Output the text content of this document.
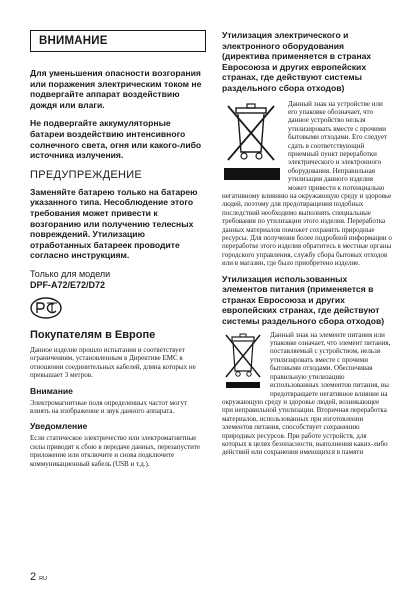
ВНИМАНИЕ

Для уменьшения опасности возгорания или поражения электрическим током не подвергайте аппарат воздействию дождя или влаги.

Не подвергайте аккумуляторные батареи воздействию интенсивного солнечного света, огня или какого-либо источника излучения.

ПРЕДУПРЕЖДЕНИЕ

Заменяйте батарею только на батарею указанного типа. Несоблюдение этого требования может привести к возгоранию или получению телесных повреждений. Утилизацию отработанных батареек проводите согласно инструкциям.

Только для модели
DPF-A72/E72/D72
Покупателям в Европе

Данное изделие прошло испытания и соответствует ограничениям, установленным в Директиве EMC в отношении соединительных кабелей, длина которых не превышает 3 метров.

Внимание

Электромагнитные поля определенных частот могут влиять на изображение и звук данного аппарата.

Уведомление

Если статическое электричество или электромагнитные силы приводят к сбою в передаче данных, перезапустите приложение или отключите и снова подключите коммуникационный кабель (USB и т.д.).

Утилизация электрического и электронного оборудования (директива применяется в странах Евросоюза и других европейских странах, где действуют системы раздельного сбора отходов)

Данный знак на устройстве или его упаковке обозначает, что данное устройство нельзя утилизировать вместе с прочими бытовыми отходами. Его следует сдать в соответствующий приемный пункт переработки электрического и электронного оборудования. Неправильная утилизация данного изделия может привести к потенциально негативному влиянию на окружающую среду и здоровье людей, поэтому для предотвращения подобных последствий необходимо выполнять специальные требования по утилизации этого изделия. Переработка данных материалов поможет сохранить природные ресурсы. Для получения более подробной информации о переработке этого изделия обратитесь в местные органы городского управления, службу сбора бытовых отходов или в магазин, где было приобретено изделие.

Утилизация использованных элементов питания (применяется в странах Евросоюза и других европейских странах, где действуют системы раздельного сбора отходов)

Данный знак на элементе питания или упаковке означает, что элемент питания, поставляемый с устройством, нельзя утилизировать вместе с прочими бытовыми отходами. Обеспечивая правильную утилизацию использованных элементов питания, вы предотвращаете негативное влияние на окружающую среду и здоровье людей, возникающее при неправильной утилизации. Вторичная переработка материалов, использованных при изготовлении элементов питания, способствует сохранению природных ресурсов. При работе устройств, для которых в целях безопасности, выполнения каких-либо действий или сохранения имеющихся в памяти

2 RU
